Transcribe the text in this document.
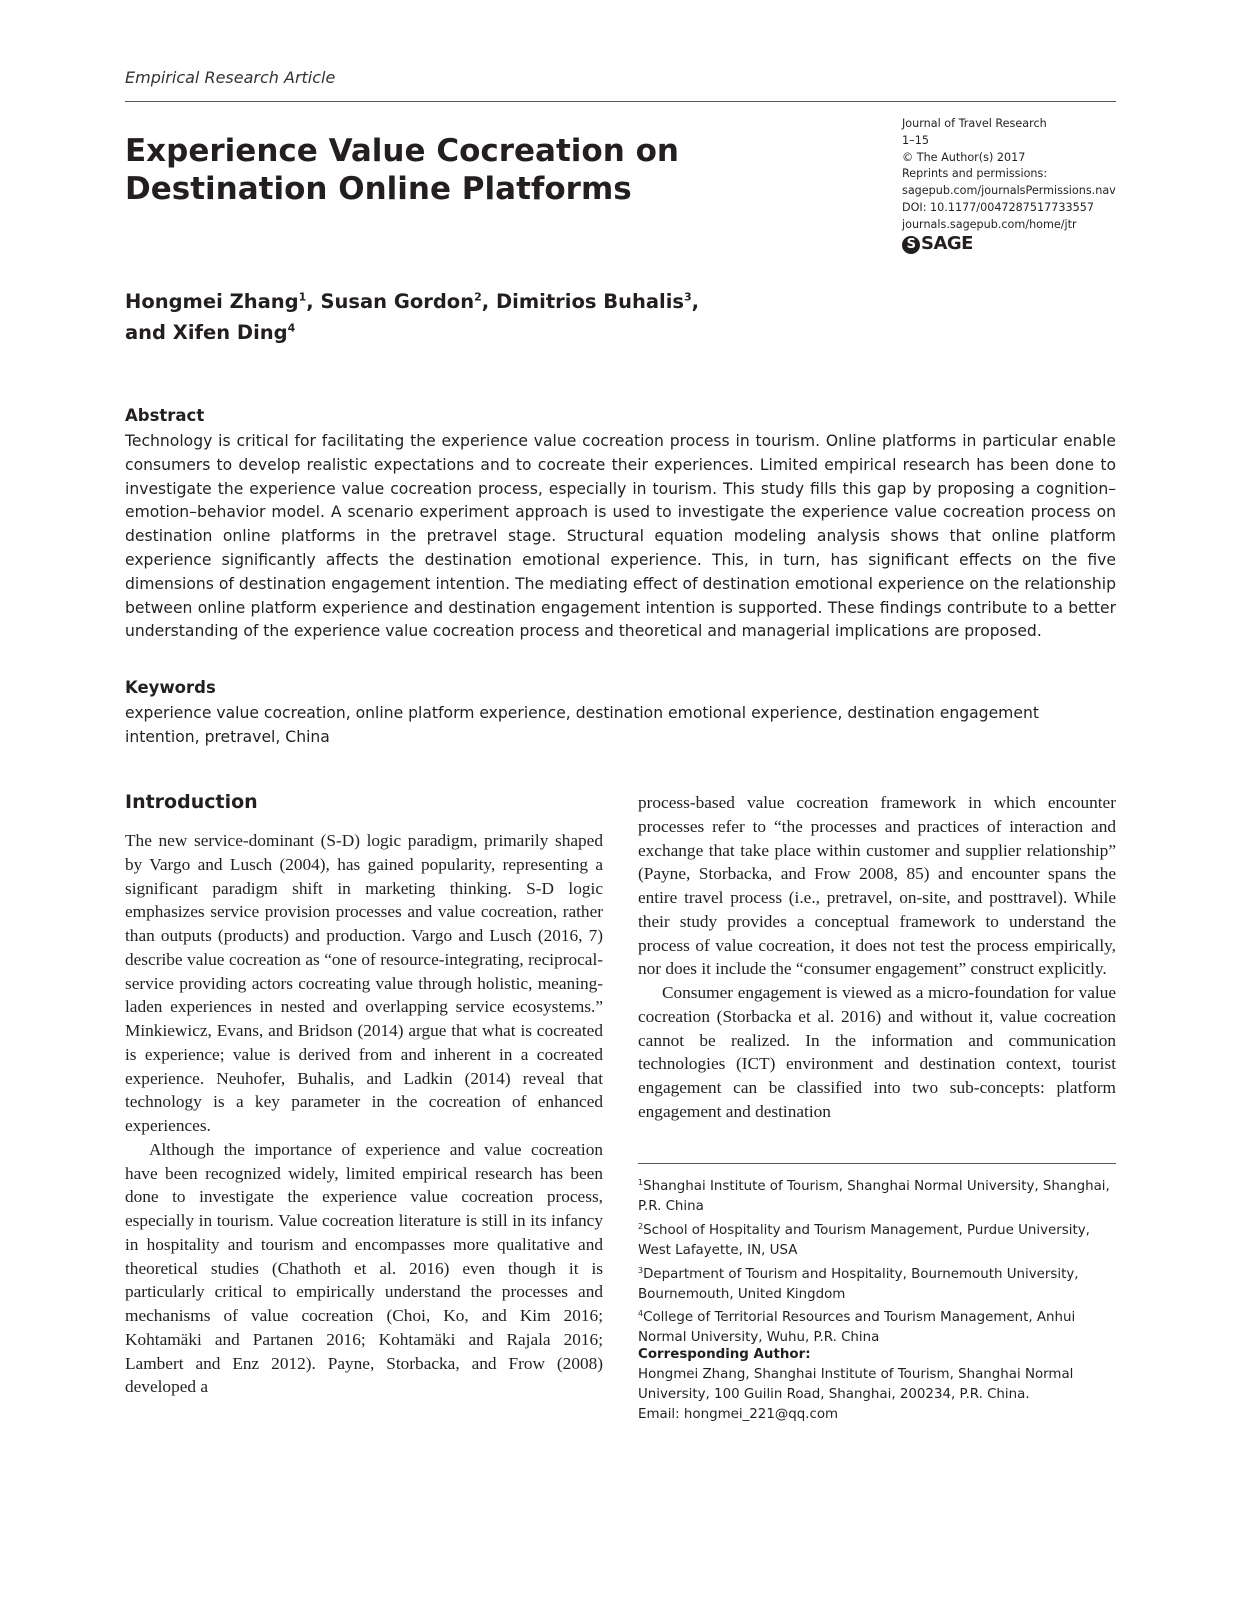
Empirical Research Article
Experience Value Cocreation on Destination Online Platforms
Journal of Travel Research
1–15
© The Author(s) 2017
Reprints and permissions:
sagepub.com/journalsPermissions.nav
DOI: 10.1177/0047287517733557
journals.sagepub.com/home/jtr
S SAGE
Hongmei Zhang$^1$, Susan Gordon$^2$, Dimitrios Buhalis$^3$,
and Xifen Ding$^4$
Abstract

Technology is critical for facilitating the experience value cocreation process in tourism. Online platforms in particular enable consumers to develop realistic expectations and to cocreate their experiences. Limited empirical research has been done to investigate the experience value cocreation process, especially in tourism. This study fills this gap by proposing a cognition–emotion–behavior model. A scenario experiment approach is used to investigate the experience value cocreation process on destination online platforms in the pretravel stage. Structural equation modeling analysis shows that online platform experience significantly affects the destination emotional experience. This, in turn, has significant effects on the five dimensions of destination engagement intention. The mediating effect of destination emotional experience on the relationship between online platform experience and destination engagement intention is supported. These findings contribute to a better understanding of the experience value cocreation process and theoretical and managerial implications are proposed.

Keywords

experience value cocreation, online platform experience, destination emotional experience, destination engagement intention, pretravel, China

Introduction

The new service-dominant (S-D) logic paradigm, primarily shaped by Vargo and Lusch (2004), has gained popularity, representing a significant paradigm shift in marketing thinking. S-D logic emphasizes service provision processes and value cocreation, rather than outputs (products) and production. Vargo and Lusch (2016, 7) describe value cocreation as “one of resource-integrating, reciprocal-service providing actors cocreating value through holistic, meaning-laden experiences in nested and overlapping service ecosystems.” Minkiewicz, Evans, and Bridson (2014) argue that what is cocreated is experience; value is derived from and inherent in a cocreated experience. Neuhofer, Buhalis, and Ladkin (2014) reveal that technology is a key parameter in the cocreation of enhanced experiences.

Although the importance of experience and value cocreation have been recognized widely, limited empirical research has been done to investigate the experience value cocreation process, especially in tourism. Value cocreation literature is still in its infancy in hospitality and tourism and encompasses more qualitative and theoretical studies (Chathoth et al. 2016) even though it is particularly critical to empirically understand the processes and mechanisms of value cocreation (Choi, Ko, and Kim 2016; Kohtamäki and Partanen 2016; Kohtamäki and Rajala 2016; Lambert and Enz 2012). Payne, Storbacka, and Frow (2008) developed a

process-based value cocreation framework in which encounter processes refer to “the processes and practices of interaction and exchange that take place within customer and supplier relationship” (Payne, Storbacka, and Frow 2008, 85) and encounter spans the entire travel process (i.e., pretravel, on-site, and posttravel). While their study provides a conceptual framework to understand the process of value cocreation, it does not test the process empirically, nor does it include the “consumer engagement” construct explicitly.

Consumer engagement is viewed as a micro-foundation for value cocreation (Storbacka et al. 2016) and without it, value cocreation cannot be realized. In the information and communication technologies (ICT) environment and destination context, tourist engagement can be classified into two sub-concepts: platform engagement and destination

$^1$Shanghai Institute of Tourism, Shanghai Normal University, Shanghai, P.R. China

$^2$School of Hospitality and Tourism Management, Purdue University, West Lafayette, IN, USA

$^3$Department of Tourism and Hospitality, Bournemouth University, Bournemouth, United Kingdom

$^4$College of Territorial Resources and Tourism Management, Anhui Normal University, Wuhu, P.R. China

Corresponding Author:

Hongmei Zhang, Shanghai Institute of Tourism, Shanghai Normal University, 100 Guilin Road, Shanghai, 200234, P.R. China.

Email: hongmei_221@qq.com
